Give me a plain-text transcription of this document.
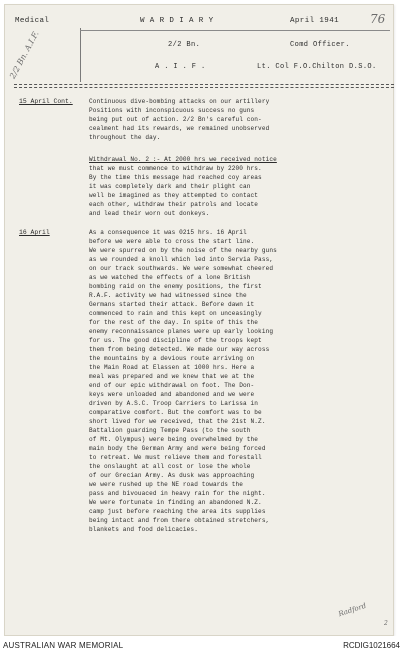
Medical	W A R D I A R Y	April 1941	76
2/2 Bn.	Comd Officer.
A . I . F .	Lt. Col F.O.Chilton D.S.O.
2/2 Bn. A.I.F.
15 April Cont.	Continuous dive-bombing attacks on our artillery
Positions with inconspicuous success no guns
being put out of action. 2/2 Bn's careful con-
cealment had its rewards, we remained unobserved
throughout the day.
Withdrawal No. 2 :- At 2000 hrs we received notice
that we must commence to withdraw by 2200 hrs.
By the time this message had reached coy areas
it was completely dark and their plight can
well be imagined as they attempted to contact
each other, withdraw their patrols and locate
and lead their worn out donkeys.
16 April	As a consequence it was 0215 hrs. 16 April
before we were able to cross the start line.
We were spurred on by the noise of the nearby guns
as we rounded a knoll which led into Servia Pass,
on our track southwards. We were somewhat cheered
as we watched the effects of a lone British
bombing raid on the enemy positions, the first
R.A.F. activity we had witnessed since the
Germans started their attack. Before dawn it
commenced to rain and this kept on unceasingly
for the rest of the day. In spite of this the
enemy reconnaissance planes were up early looking
for us. The good discipline of the troops kept
them from being detected. We made our way across
the mountains by a devious route arriving on
the Main Road at Elassen at 1000 hrs. Here a
meal was prepared and we knew that we at the
end of our epic withdrawal on foot. The Don-
keys were unloaded and abandoned and we were
driven by A.S.C. Troop Carriers to Larissa in
comparative comfort. But the comfort was to be
short lived for we received, that the 21st N.Z.
Battalion guarding Tempe Pass (to the south
of Mt. Olympus) were being overwhelmed by the
main body the German Army and were being forced
to retreat. We must relieve them and forestall
the onslaught at all cost or lose the whole
of our Grecian Army. As dusk was approaching
we were rushed up the NE road towards the
pass and bivouaced in heavy rain for the night.
We were fortunate in finding an abandoned N.Z.
camp just before reaching the area its supplies
being intact and from there obtained stretchers,
blankets and food delicacies.
Radford
2
AUSTRALIAN WAR MEMORIAL	RCDIG1021664
